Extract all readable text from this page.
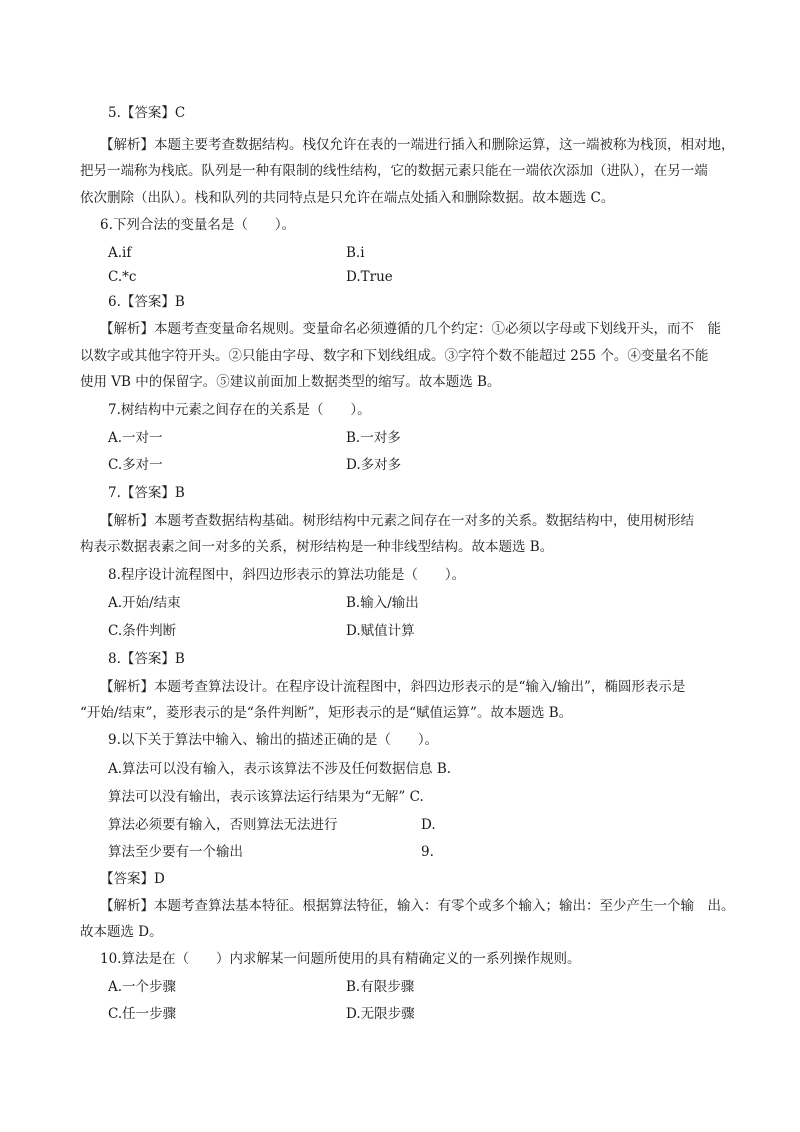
5.【答案】C
【解析】本题主要考查数据结构。栈仅允许在表的一端进行插入和删除运算，这一端被称为栈顶，相对地，
把另一端称为栈底。队列是一种有限制的线性结构，它的数据元素只能在一端依次添加（进队），在另一端
依次删除（出队）。栈和队列的共同特点是只允许在端点处插入和删除数据。故本题选 C。
6.下列合法的变量名是（　　）。
A.if	B.i
C.*c	D.True
6.【答案】B
【解析】本题考查变量命名规则。变量命名必须遵循的几个约定：①必须以字母或下划线开头，而不　能
以数字或其他字符开头。②只能由字母、数字和下划线组成。③字符个数不能超过 255 个。④变量名不能
使用 VB 中的保留字。⑤建议前面加上数据类型的缩写。故本题选 B。
7.树结构中元素之间存在的关系是（　　）。
A.一对一	B.一对多
C.多对一	D.多对多
7.【答案】B
【解析】本题考查数据结构基础。树形结构中元素之间存在一对多的关系。数据结构中，使用树形结
构表示数据表素之间一对多的关系，树形结构是一种非线型结构。故本题选 B。
8.程序设计流程图中，斜四边形表示的算法功能是（　　）。
A.开始/结束	B.输入/输出
C.条件判断	D.赋值计算
8.【答案】B
【解析】本题考查算法设计。在程序设计流程图中，斜四边形表示的是“输入/输出”，椭圆形表示是
“开始/结束”，菱形表示的是“条件判断”，矩形表示的是“赋值运算”。故本题选 B。
9.以下关于算法中输入、输出的描述正确的是（　　）。
A.算法可以没有输入，表示该算法不涉及任何数据信息 B.
算法可以没有输出，表示该算法运行结果为“无解” C.
算法必须要有输入，否则算法无法进行	D.
算法至少要有一个输出	9.
【答案】D
【解析】本题考查算法基本特征。根据算法特征，输入：有零个或多个输入；输出：至少产生一个输　出。
故本题选 D。
10.算法是在（　　）内求解某一问题所使用的具有精确定义的一系列操作规则。
A.一个步骤	B.有限步骤
C.任一步骤	D.无限步骤
